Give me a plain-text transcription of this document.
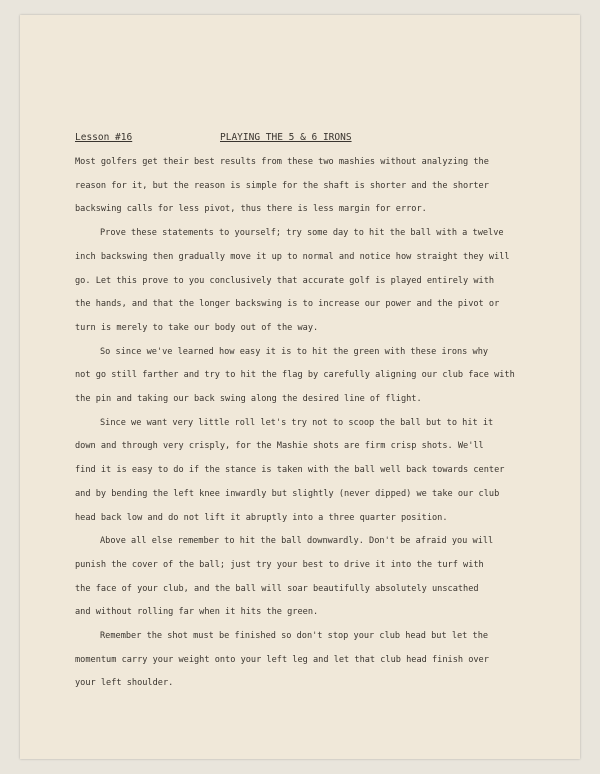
Lesson #16	PLAYING THE 5 & 6 IRONS
Most golfers get their best results from these two mashies without analyzing the
reason for it, but the reason is simple for the shaft is shorter and the shorter
backswing calls for less pivot, thus there is less margin for error.
Prove these statements to yourself; try some day to hit the ball with a twelve
inch backswing then gradually move it up to normal and notice how straight they will
go. Let this prove to you conclusively that accurate golf is played entirely with
the hands, and that the longer backswing is to increase our power and the pivot or
turn is merely to take our body out of the way.
So since we've learned how easy it is to hit the green with these irons why
not go still farther and try to hit the flag by carefully aligning our club face with
the pin and taking our back swing along the desired line of flight.
Since we want very little roll let's try not to scoop the ball but to hit it
down and through very crisply, for the Mashie shots are firm crisp shots. We'll
find it is easy to do if the stance is taken with the ball well back towards center
and by bending the left knee inwardly but slightly (never dipped) we take our club
head back low and do not lift it abruptly into a three quarter position.
Above all else remember to hit the ball downwardly. Don't be afraid you will
punish the cover of the ball; just try your best to drive it into the turf with
the face of your club, and the ball will soar beautifully absolutely unscathed
and without rolling far when it hits the green.
Remember the shot must be finished so don't stop your club head but let the
momentum carry your weight onto your left leg and let that club head finish over
your left shoulder.
